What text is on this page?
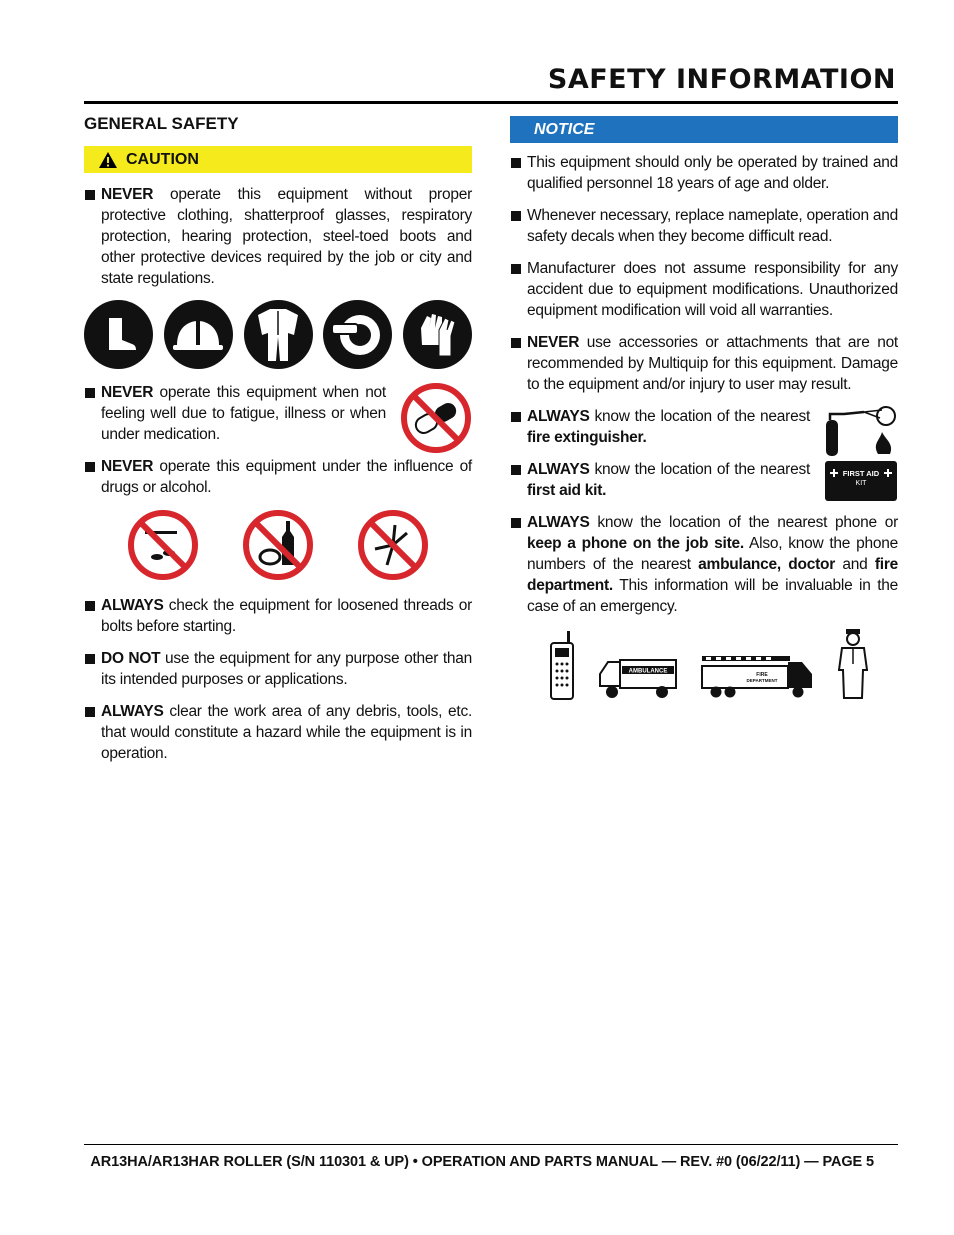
SAFETY INFORMATION
GENERAL SAFETY
CAUTION
NEVER operate this equipment without proper protective clothing, shatterproof glasses, respiratory protection, hearing protection, steel-toed boots and other protective devices required by the job or city and state regulations.
NEVER operate this equipment when not feeling well due to fatigue, illness or when under medication.
NEVER operate this equipment under the influence of drugs or alcohol.
ALWAYS check the equipment for loosened threads or bolts before starting.
DO NOT use the equipment for any purpose other than its intended purposes or applications.
ALWAYS clear the work area of any debris, tools, etc. that would constitute a hazard while the equipment is in operation.
NOTICE
This equipment should only be operated by trained and qualified personnel 18 years of age and older.
Whenever necessary, replace nameplate, operation and safety decals when they become difficult read.
Manufacturer does not assume responsibility for any accident due to equipment modifications. Unauthorized equipment modification will void all warranties.
NEVER use accessories or attachments that are not recommended by Multiquip for this equipment. Damage to the equipment and/or injury to user may result.
ALWAYS know the location of the nearest fire extinguisher.
ALWAYS know the location of the nearest first aid kit.
FIRST AID
KIT
ALWAYS know the location of the nearest phone or keep a phone on the job site. Also, know the phone numbers of the nearest ambulance, doctor and fire department. This information will be invaluable in the case of an emergency.
AMBULANCE
FIRE
DEPARTMENT
AR13HA/AR13HAR ROLLER (S/N 110301 & UP) • OPERATION AND PARTS MANUAL — REV. #0 (06/22/11) — PAGE 5
